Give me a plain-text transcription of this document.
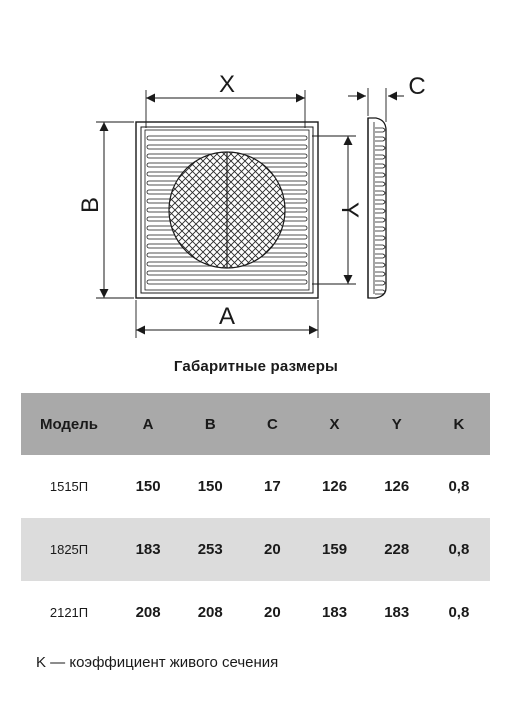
X
A
B	Y
C
Габаритные размеры
Модель	A	B	C	X	Y	K
1515П	150	150	17	126	126	0,8
1825П	183	253	20	159	228	0,8
2121П	208	208	20	183	183	0,8
K — коэффициент живого сечения
